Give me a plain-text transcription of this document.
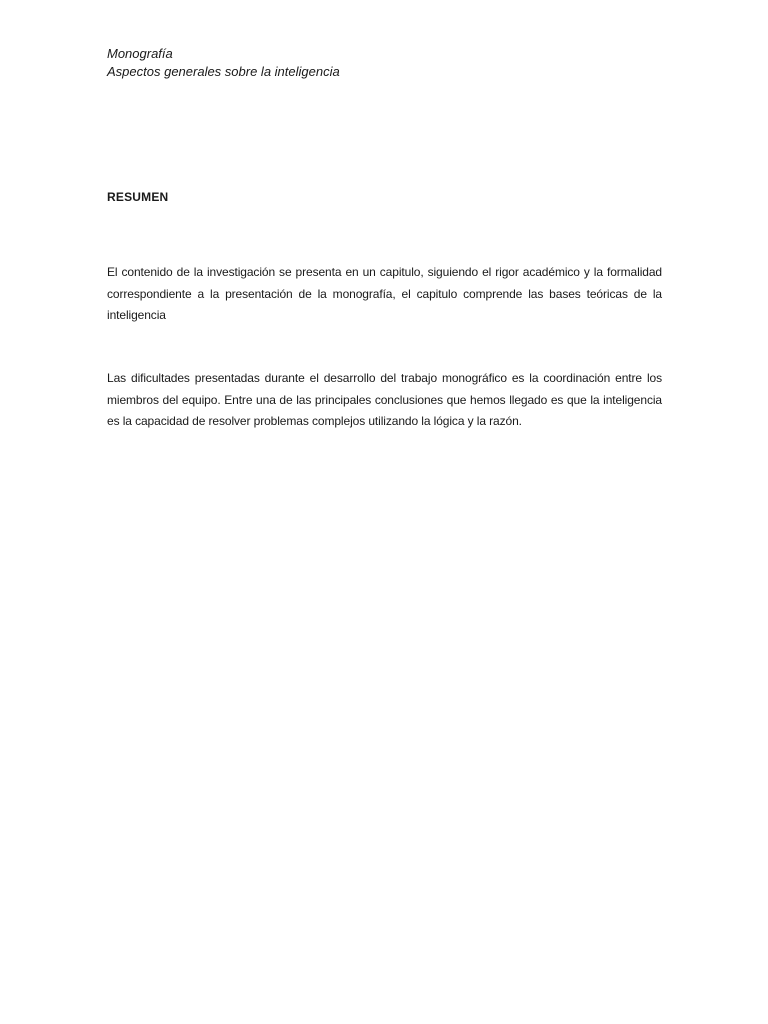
Monografía
Aspectos generales sobre la inteligencia
RESUMEN

El contenido de la investigación se presenta en un capitulo, siguiendo el rigor académico y la formalidad correspondiente a la presentación de la monografía, el capitulo comprende las bases teóricas de la inteligencia

Las dificultades presentadas durante el desarrollo del trabajo monográfico es la coordinación entre los miembros del equipo. Entre una de las principales conclusiones que hemos llegado es que la inteligencia es la capacidad de resolver problemas complejos utilizando la lógica y la razón.
